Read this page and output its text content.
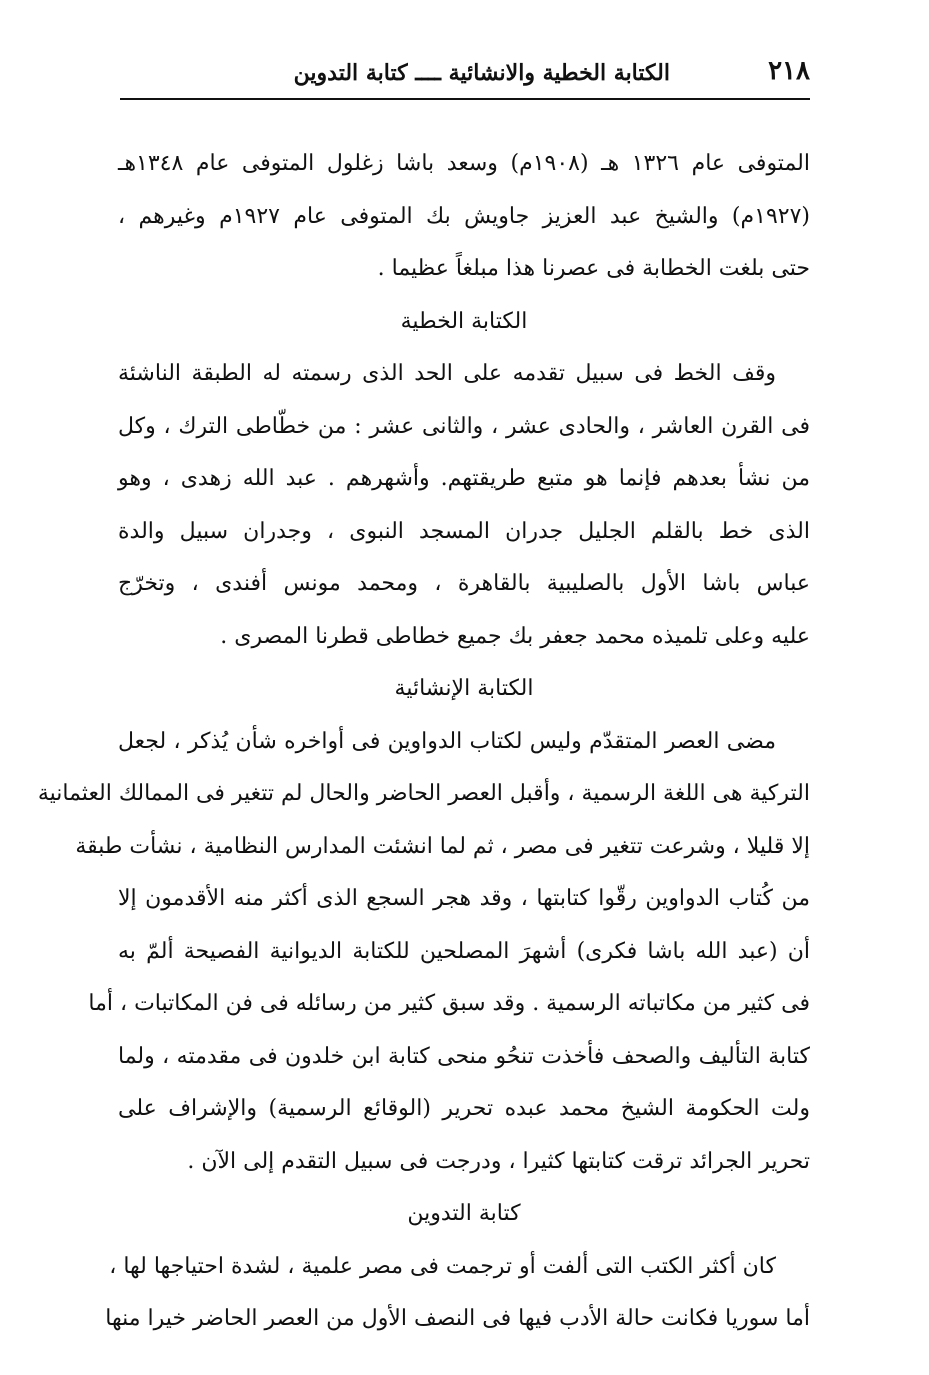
٢١٨
الكتابة الخطية والانشائية ــــ كتابة التدوين
المتوفى عام ١٣٢٦ هـ (١٩٠٨م) وسعد باشا زغلول المتوفى عام ١٣٤٨هـ
(١٩٢٧م) والشيخ عبد العزيز جاويش بك المتوفى عام ١٩٢٧م وغيرهم ،
حتى بلغت الخطابة فى عصرنا هذا مبلغاً عظيما .
الكتابة الخطية
وقف الخط فى سبيل تقدمه على الحد الذى رسمته له الطبقة الناشئة
فى القرن العاشر ، والحادى عشر ، والثانى عشر : من خطّاطى الترك ، وكل
من نشأ بعدهم فإنما هو متبع طريقتهم. وأشهرهم . عبد الله زهدى ، وهو
الذى خط بالقلم الجليل جدران المسجد النبوى ، وجدران سبيل والدة
عباس باشا الأول بالصليبية بالقاهرة ، ومحمد مونس أفندى ، وتخرّج
عليه وعلى تلميذه محمد جعفر بك جميع خطاطى قطرنا المصرى .
الكتابة الإنشائية
مضى العصر المتقدّم وليس لكتاب الدواوين فى أواخره شأن يُذكر ، لجعل
التركية هى اللغة الرسمية ، وأقبل العصر الحاضر والحال لم تتغير فى الممالك العثمانية
إلا قليلا ، وشرعت تتغير فى مصر ، ثم لما انشئت المدارس النظامية ، نشأت طبقة
من كُتاب الدواوين رقّوا كتابتها ، وقد هجر السجع الذى أكثر منه الأقدمون إلا
أن (عبد الله باشا فكرى) أشهرَ المصلحين للكتابة الديوانية الفصيحة ألمّ به
فى كثير من مكاتباته الرسمية . وقد سبق كثير من رسائله فى فن المكاتبات ، أما
كتابة التأليف والصحف فأخذت تنحُو منحى كتابة ابن خلدون فى مقدمته ، ولما
ولت الحكومة الشيخ محمد عبده تحرير (الوقائع الرسمية) والإشراف على
تحرير الجرائد ترقت كتابتها كثيرا ، ودرجت فى سبيل التقدم إلى الآن .
كتابة التدوين
كان أكثر الكتب التى ألفت أو ترجمت فى مصر علمية ، لشدة احتياجها لها ،
أما سوريا فكانت حالة الأدب فيها فى النصف الأول من العصر الحاضر خيرا منها
